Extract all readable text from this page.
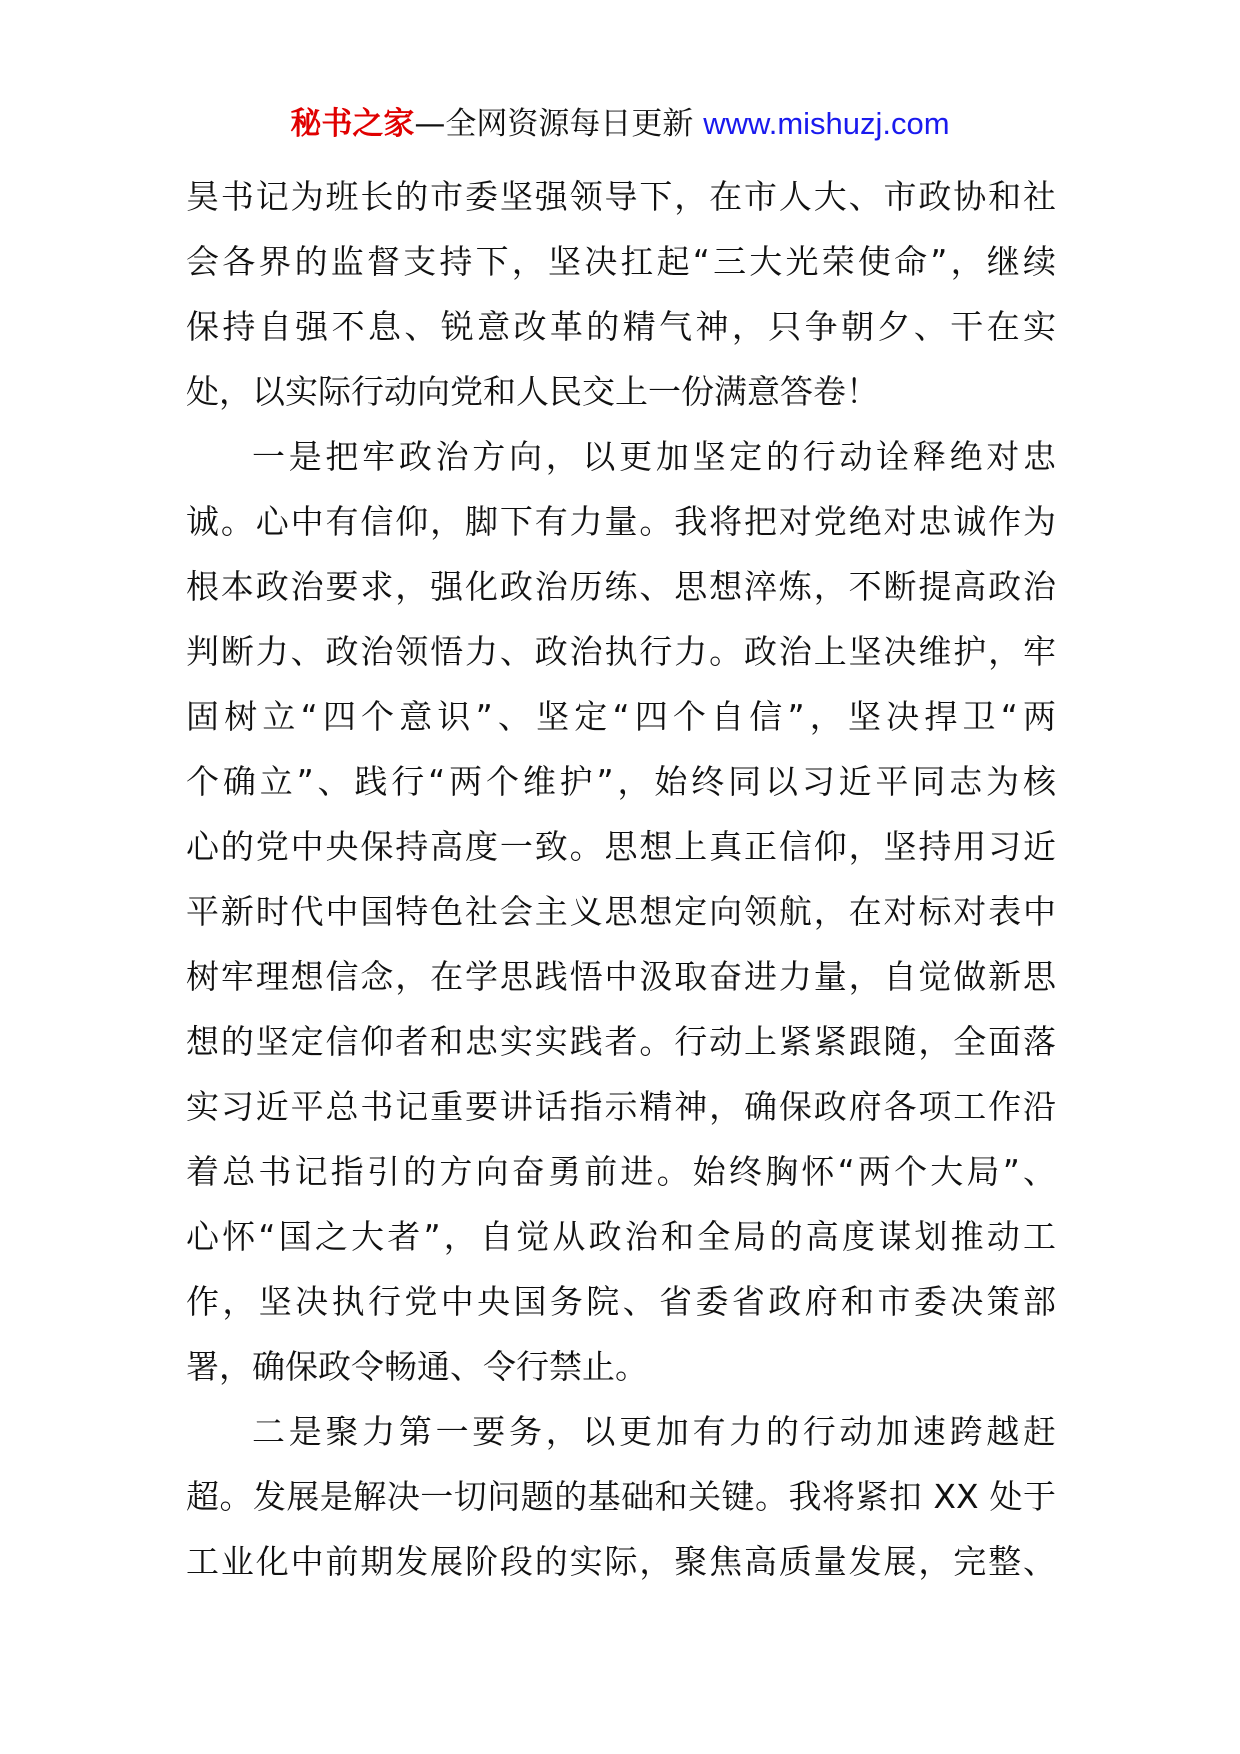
秘书之家—全网资源每日更新 www.mishuzj.com
昊书记为班长的市委坚强领导下，在市人大、市政协和社
会各界的监督支持下，坚决扛起“三大光荣使命”，继续
保持自强不息、锐意改革的精气神，只争朝夕、干在实
处，以实际行动向党和人民交上一份满意答卷！
一是把牢政治方向，以更加坚定的行动诠释绝对忠
诚。心中有信仰，脚下有力量。我将把对党绝对忠诚作为
根本政治要求，强化政治历练、思想淬炼，不断提高政治
判断力、政治领悟力、政治执行力。政治上坚决维护，牢
固树立“四个意识”、坚定“四个自信”，坚决捍卫“两
个确立”、践行“两个维护”，始终同以习近平同志为核
心的党中央保持高度一致。思想上真正信仰，坚持用习近
平新时代中国特色社会主义思想定向领航，在对标对表中
树牢理想信念，在学思践悟中汲取奋进力量，自觉做新思
想的坚定信仰者和忠实实践者。行动上紧紧跟随，全面落
实习近平总书记重要讲话指示精神，确保政府各项工作沿
着总书记指引的方向奋勇前进。始终胸怀“两个大局”、
心怀“国之大者”，自觉从政治和全局的高度谋划推动工
作，坚决执行党中央国务院、省委省政府和市委决策部
署，确保政令畅通、令行禁止。
二是聚力第一要务，以更加有力的行动加速跨越赶
超。发展是解决一切问题的基础和关键。我将紧扣 XX 处于
工业化中前期发展阶段的实际，聚焦高质量发展，完整、
